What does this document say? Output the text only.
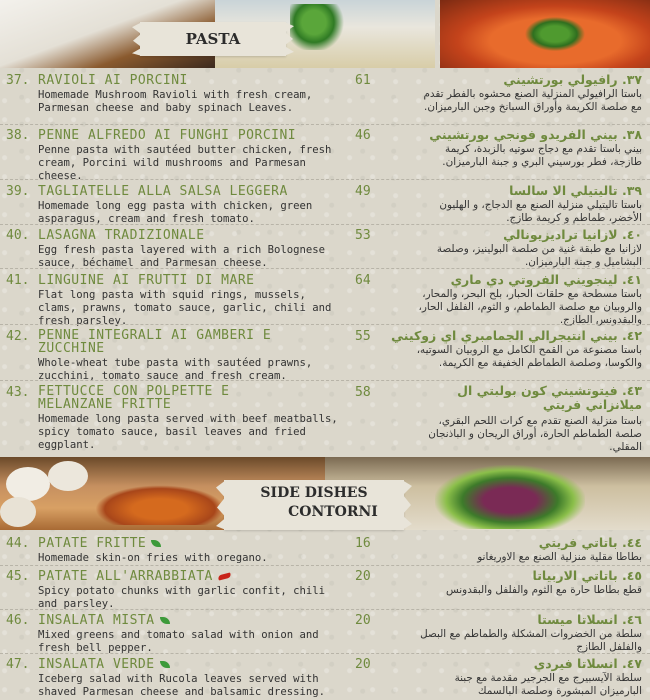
PASTA
37. RAVIOLI AI PORCINI
Homemade Mushroom Ravioli with fresh cream, Parmesan cheese and baby spinach Leaves.
61	٣٧. رافيولي بورتشيني
باستا الرافيولي المنزلية الصنع محشوه بالفطر تقدم مع صلصة الكريمة وأوراق السبانخ وجبن البارميزان.
38. PENNE ALFREDO AI FUNGHI PORCINI
Penne pasta with sautéed butter chicken, fresh cream, Porcini wild mushrooms and Parmesan cheese.
46	٣٨. بيني الفريدو فونجي بورتشيني
بيني باستا تقدم مع دجاج سوتيه بالزبدة، كريمة طازجة، فطر بورسيني البري و جبنة البارميزان.
39. TAGLIATELLE ALLA SALSA LEGGERA
Homemade long egg pasta with chicken, green asparagus, cream and fresh tomato.
49	٣٩. تاليتيلي الا سالسا
باستا تاليتيلي منزلية الصنع مع الدجاج، و الهليون الأخضر، طماطم و كريمة طازج.
40. LASAGNA TRADIZIONALE
Egg fresh pasta layered with a rich Bolognese sauce, béchamel and Parmesan cheese.
53	٤٠. لازانيا ترادیزیونالي
لازانيا مع طبقة غنية من صلصة البولينيز، وصلصة البشاميل و جبنة البارميزان.
41. LINGUINE AI FRUTTI DI MARE
Flat long pasta with squid rings, mussels, clams, prawns, tomato sauce, garlic, chili and fresh parsley.
64	٤١. لينجويني الفروتي دي ماري
باستا مسطحة مع حلقات الحبار، بلح البحر، والمحار، والروبيان مع صلصة الطماطم، و الثوم، الفلفل الحار، والبقدونس الطازج.
42. PENNE INTEGRALI AI GAMBERI E ZUCCHINE
Whole-wheat tube pasta with sautéed prawns, zucchini, tomato sauce and fresh cream.
55 ٤٢. بيني انتيجرالي الجمامبري اي زوكيني
باستا مصنوعة من القمح الكامل مع الروبيان السوتيه، والكوسا، وصلصة الطماطم الخفيفة مع الكريمة.
43. FETTUCCE CON POLPETTE E MELANZANE FRITTE
Homemade long pasta served with beef meatballs, spicy tomato sauce, basil leaves and fried eggplant.
58	٤٣. فيتوتشيني كون بولبتي ال ميلانزاني فريتي
باستا منزلية الصنع تقدم مع كرات اللحم البقري، صلصة الطماطم الحارة، أوراق الريحان و الباذنجان المقلي.
SIDE DISHES
CONTORNI
44. PATATE FRITTE
Homemade skin-on fries with oregano.
16	٤٤. باتاتي فريتي
بطاطا مقلية منزلية الصنع مع الاوريغانو
45. PATATE ALL'ARRABBIATA
Spicy potato chunks with garlic confit, chili and parsley.
20	٤٥. باتاتي الاربياتا
قطع بطاطا حارة مع الثوم والفلفل والبقدونس
46. INSALATA MISTA
Mixed greens and tomato salad with onion and fresh bell pepper.
20	٤٦. انسلاتا ميستا
سلطة من الخضروات المشكلة والطماطم مع البصل والفلفل الطازج
47. INSALATA VERDE
Iceberg salad with Rucola leaves served with shaved Parmesan cheese and balsamic dressing.
20	٤٧. انسلاتا فيردي
سلطة الآيسبيرج مع الجرجير مقدمة مع جبنة البارميزان المبشورة وصلصة البالسمك
